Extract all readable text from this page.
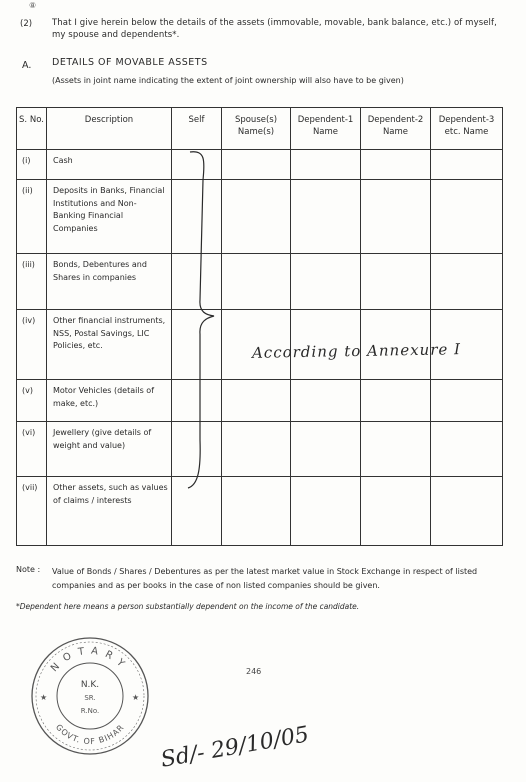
⑧
(2) That I give herein below the details of the assets (immovable, movable, bank balance, etc.) of myself, my spouse and dependents*.
A. DETAILS OF MOVABLE ASSETS
(Assets in joint name indicating the extent of joint ownership will also have to be given)
S. No.	Description	Self	Spouse(s) Name(s)	Dependent-1 Name	Dependent-2 Name	Dependent-3 etc. Name
(i)	Cash					
(ii)	Deposits in Banks, Financial Institutions and Non-Banking Financial Companies					
(iii)	Bonds, Debentures and Shares in companies					
(iv)	Other financial instruments, NSS, Postal Savings, LIC Policies, etc.					
(v)	Motor Vehicles (details of make, etc.)					
(vi)	Jewellery (give details of weight and value)					
(vii)	Other assets, such as values of claims / interests					
According to Annexure I
Note : Value of Bonds / Shares / Debentures as per the latest market value in Stock Exchange in respect of listed companies and as per books in the case of non listed companies should be given.
*Dependent here means a person substantially dependent on the income of the candidate.
NOTARY
GOVT. OF BIHAR
N.K.
SR.
R.No.
★	★
246
Sd/- 29/10/05
